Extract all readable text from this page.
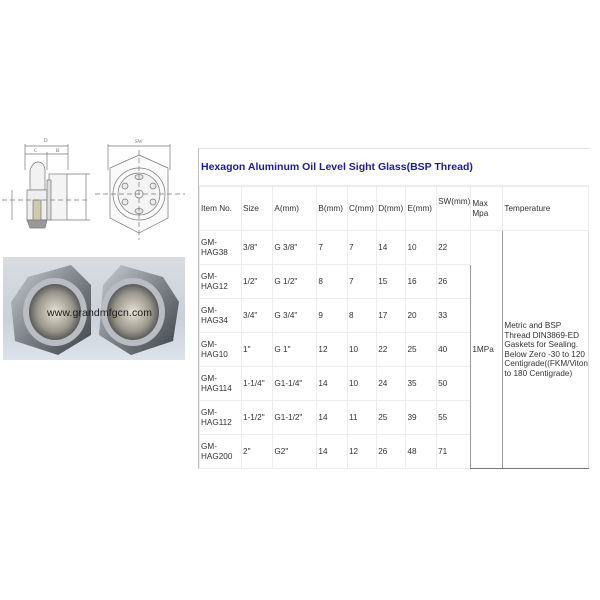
D
C	B
SW
www.grandmfgcn.com
Hexagon Aluminum Oil Level Sight Glass(BSP Thread)
Item No.	Size	A(mm)	B(mm)	C(mm)	D(mm)	E(mm)	SW(mm)	Max Mpa	Temperature
GM-HAG38	3/8"	G 3/8"	7	7	14	10	22	1MPa	Metric and BSP Thread DIN3869-ED Gaskets for Sealing. Below Zero -30 to 120 Centigrade((FKM/Viton to 180 Centigrade)
GM-HAG12	1/2"	G 1/2"	8	7	15	16	26		
GM-HAG34	3/4"	G 3/4"	9	8	17	20	33		
GM-HAG10	1"	G 1"	12	10	22	25	40		
GM-HAG114	1-1/4"	G1-1/4"	14	10	24	35	50		
GM-HAG112	1-1/2"	G1-1/2"	14	11	25	39	55		
GM-HAG200	2"	G2"	14	12	26	48	71		
